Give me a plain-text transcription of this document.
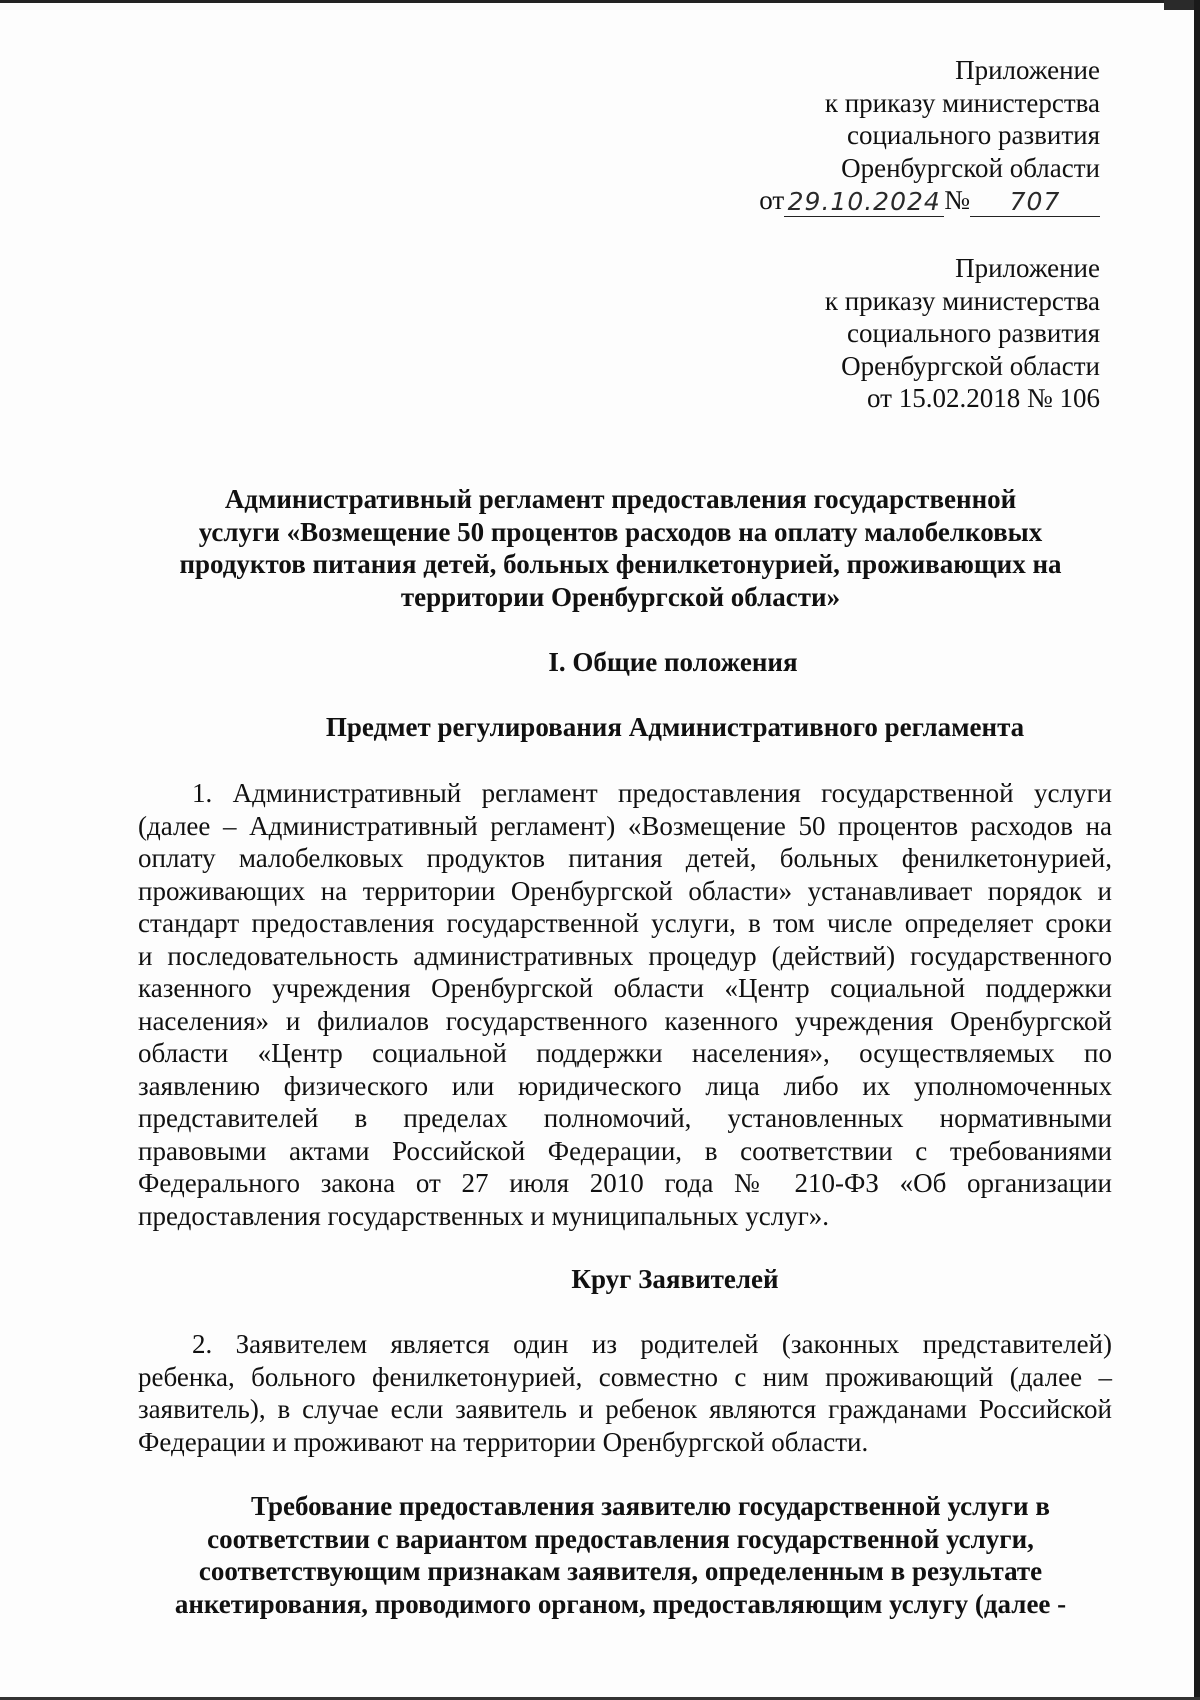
Приложение
к приказу министерства
социального развития
Оренбургской области
от 29.10.2024 №	707
Приложение
к приказу министерства
социального развития
Оренбургской области
от 15.02.2018 № 106
Административный регламент предоставления государственной
услуги «Возмещение 50 процентов расходов на оплату малобелковых
продуктов питания детей, больных фенилкетонурией, проживающих на
территории Оренбургской области»
I. Общие положения
Предмет регулирования Административного регламента
1. Административный регламент предоставления государственной услуги
(далее – Административный регламент) «Возмещение 50 процентов расходов на
оплату малобелковых продуктов питания детей, больных фенилкетонурией,
проживающих на территории Оренбургской области» устанавливает порядок и
стандарт предоставления государственной услуги, в том числе определяет сроки
и последовательность административных процедур (действий) государственного
казенного учреждения Оренбургской области «Центр социальной поддержки
населения» и филиалов государственного казенного учреждения Оренбургской
области «Центр социальной поддержки населения», осуществляемых по
заявлению физического или юридического лица либо их уполномоченных
представителей в пределах полномочий, установленных нормативными
правовыми актами Российской Федерации, в соответствии с требованиями
Федерального закона от 27 июля 2010 года № 210-ФЗ «Об организации
предоставления государственных и муниципальных услуг».
Круг Заявителей
2. Заявителем является один из родителей (законных представителей)
ребенка, больного фенилкетонурией, совместно с ним проживающий (далее –
заявитель), в случае если заявитель и ребенок являются гражданами Российской
Федерации и проживают на территории Оренбургской области.
Требование предоставления заявителю государственной услуги в
соответствии с вариантом предоставления государственной услуги,
соответствующим признакам заявителя, определенным в результате
анкетирования, проводимого органом, предоставляющим услугу (далее -
